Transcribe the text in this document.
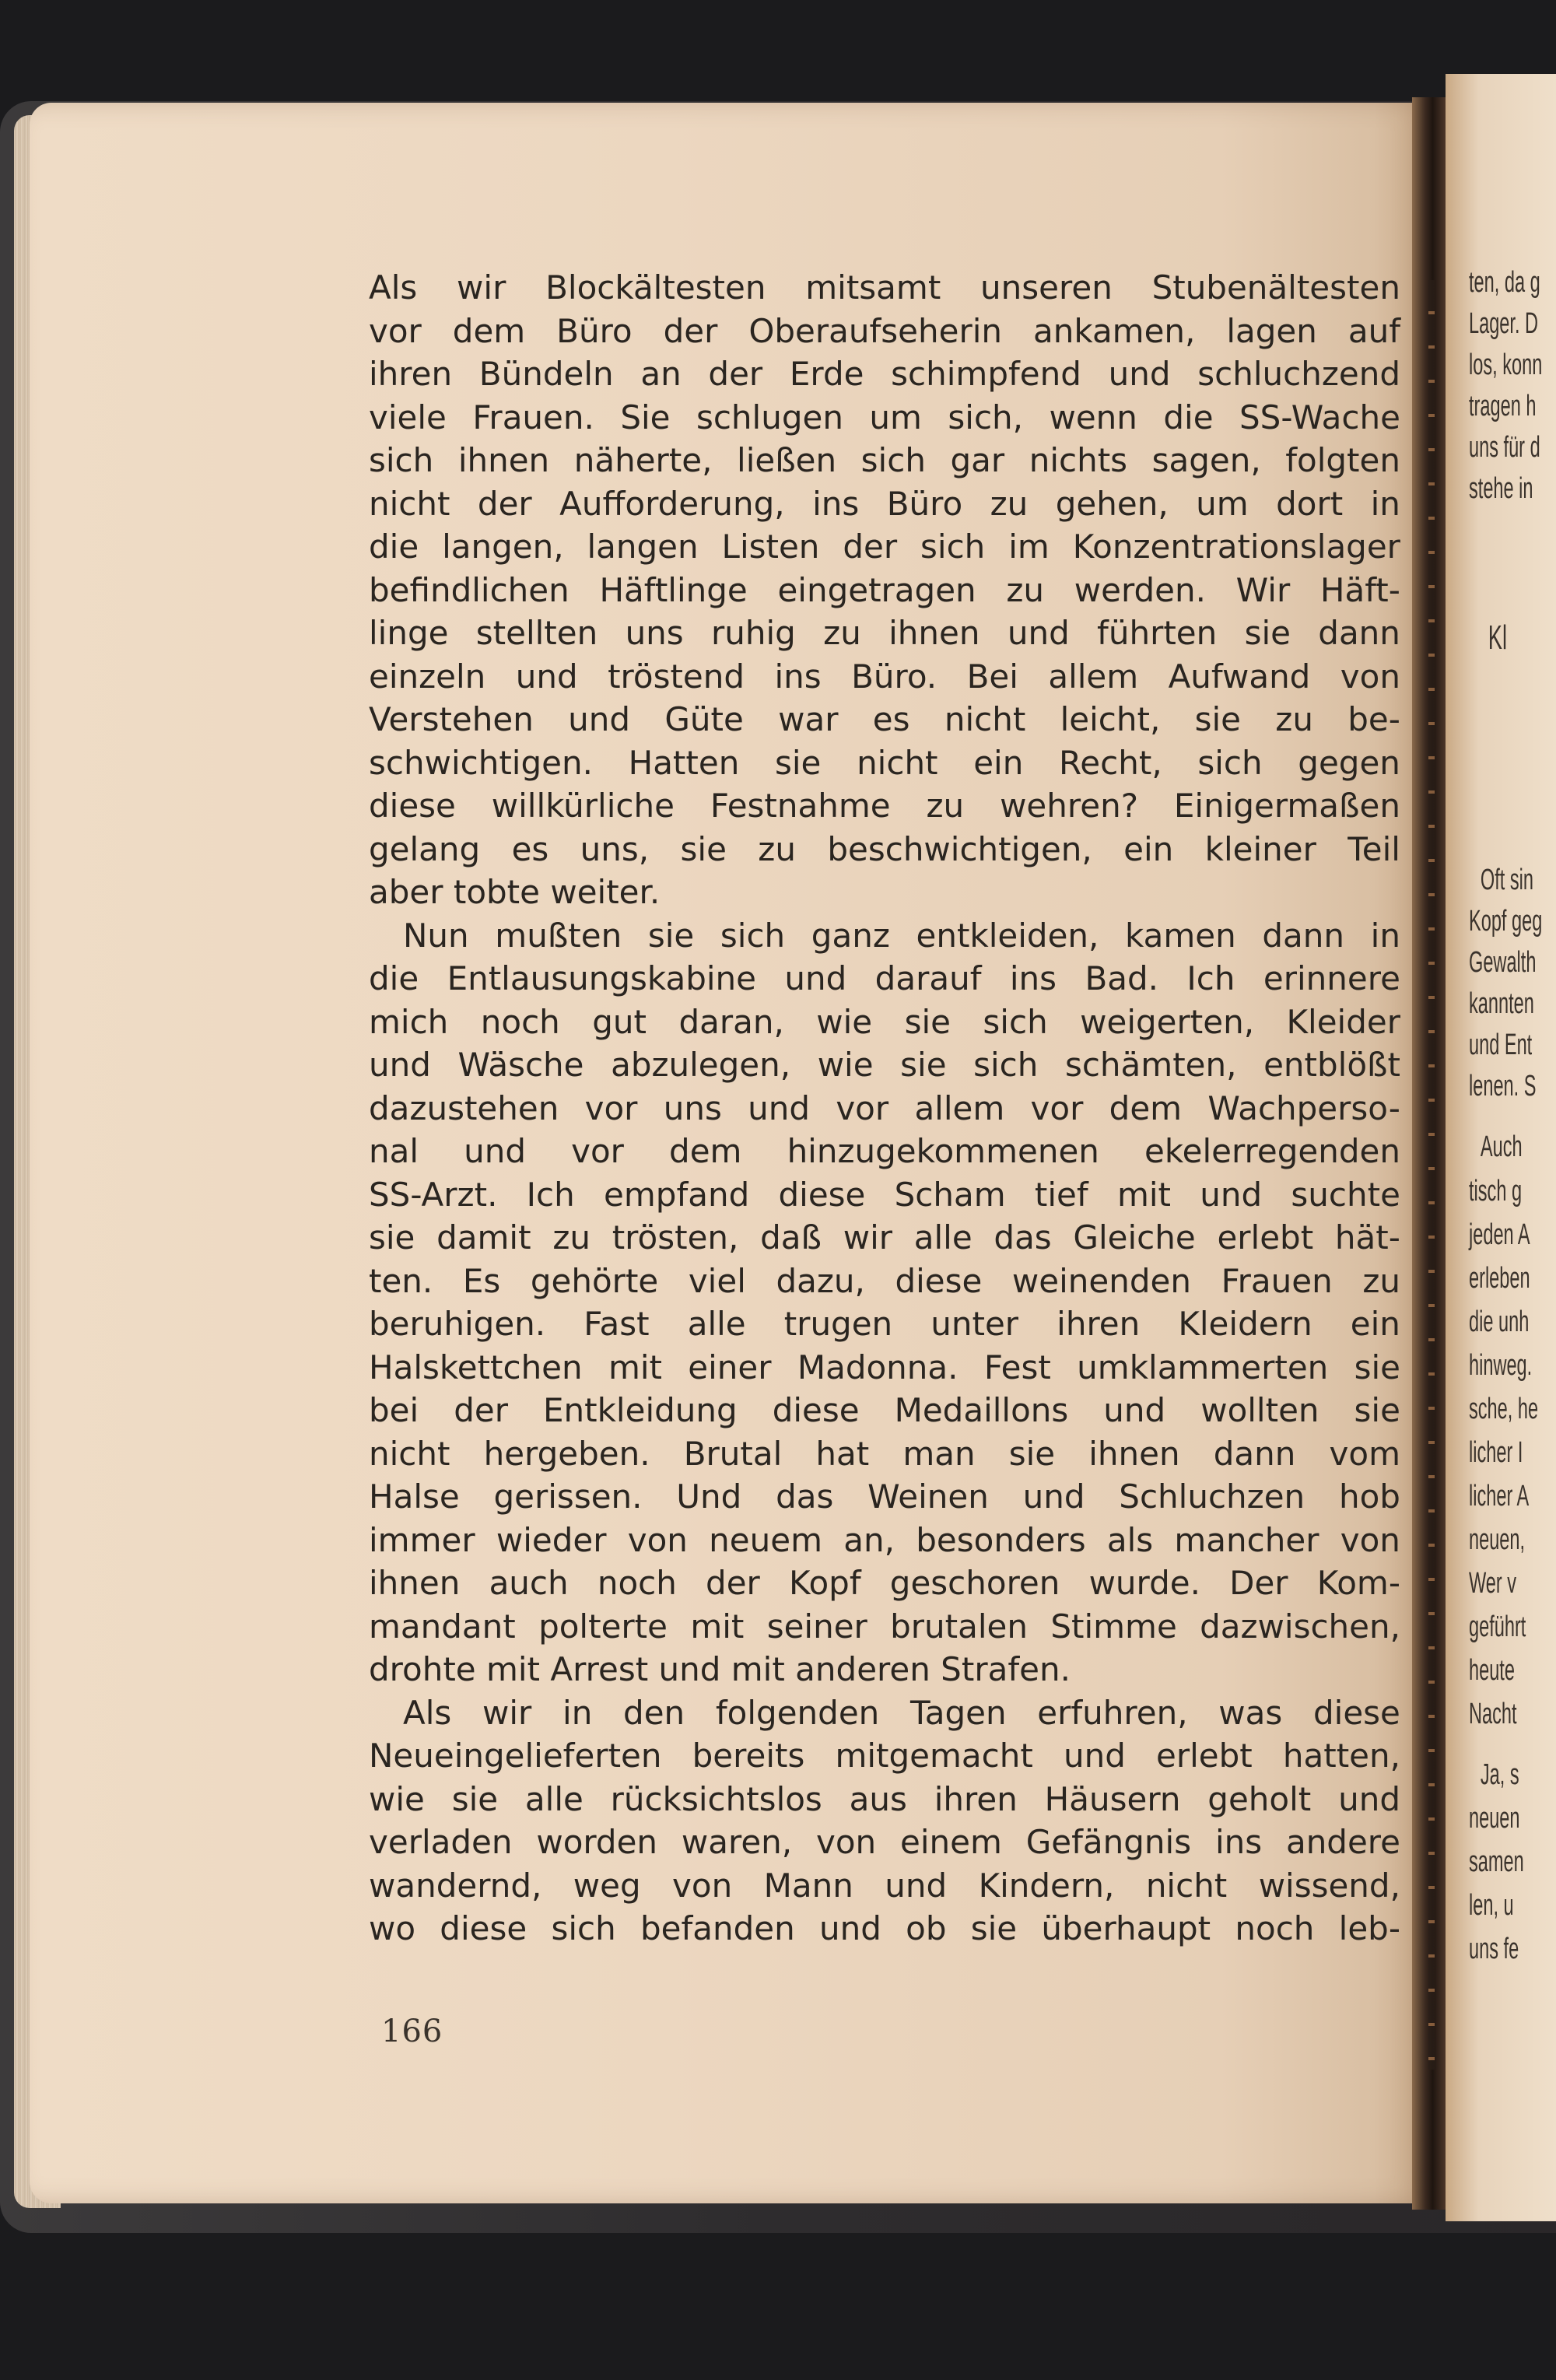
Als wir Blockältesten mitsamt unseren Stubenältesten
vor dem Büro der Oberaufseherin ankamen, lagen auf
ihren Bündeln an der Erde schimpfend und schluchzend
viele Frauen. Sie schlugen um sich, wenn die SS-Wache
sich ihnen näherte, ließen sich gar nichts sagen, folgten
nicht der Aufforderung, ins Büro zu gehen, um dort in
die langen, langen Listen der sich im Konzentrationslager
befindlichen Häftlinge eingetragen zu werden. Wir Häft-
linge stellten uns ruhig zu ihnen und führten sie dann
einzeln und tröstend ins Büro. Bei allem Aufwand von
Verstehen und Güte war es nicht leicht, sie zu be-
schwichtigen. Hatten sie nicht ein Recht, sich gegen
diese willkürliche Festnahme zu wehren? Einigermaßen
gelang es uns, sie zu beschwichtigen, ein kleiner Teil
aber tobte weiter.
Nun mußten sie sich ganz entkleiden, kamen dann in
die Entlausungskabine und darauf ins Bad. Ich erinnere
mich noch gut daran, wie sie sich weigerten, Kleider
und Wäsche abzulegen, wie sie sich schämten, entblößt
dazustehen vor uns und vor allem vor dem Wachperso-
nal und vor dem hinzugekommenen ekelerregenden
SS-Arzt. Ich empfand diese Scham tief mit und suchte
sie damit zu trösten, daß wir alle das Gleiche erlebt hät-
ten. Es gehörte viel dazu, diese weinenden Frauen zu
beruhigen. Fast alle trugen unter ihren Kleidern ein
Halskettchen mit einer Madonna. Fest umklammerten sie
bei der Entkleidung diese Medaillons und wollten sie
nicht hergeben. Brutal hat man sie ihnen dann vom
Halse gerissen. Und das Weinen und Schluchzen hob
immer wieder von neuem an, besonders als mancher von
ihnen auch noch der Kopf geschoren wurde. Der Kom-
mandant polterte mit seiner brutalen Stimme dazwischen,
drohte mit Arrest und mit anderen Strafen.
Als wir in den folgenden Tagen erfuhren, was diese
Neueingelieferten bereits mitgemacht und erlebt hatten,
wie sie alle rücksichtslos aus ihren Häusern geholt und
verladen worden waren, von einem Gefängnis ins andere
wandernd, weg von Mann und Kindern, nicht wissend,
wo diese sich befanden und ob sie überhaupt noch leb-
166
ten, da g
Lager. D
los, konn
tragen h
uns für d
stehe in
Kl
Oft sin
Kopf geg
Gewalth
kannten
und Ent
lenen. S
Auch
tisch g
jeden A
erleben
die unh
hinweg.
sche, he
licher I
licher A
neuen,
Wer v
geführt
heute
Nacht
Ja, s
neuen
samen
len, u
uns fe
